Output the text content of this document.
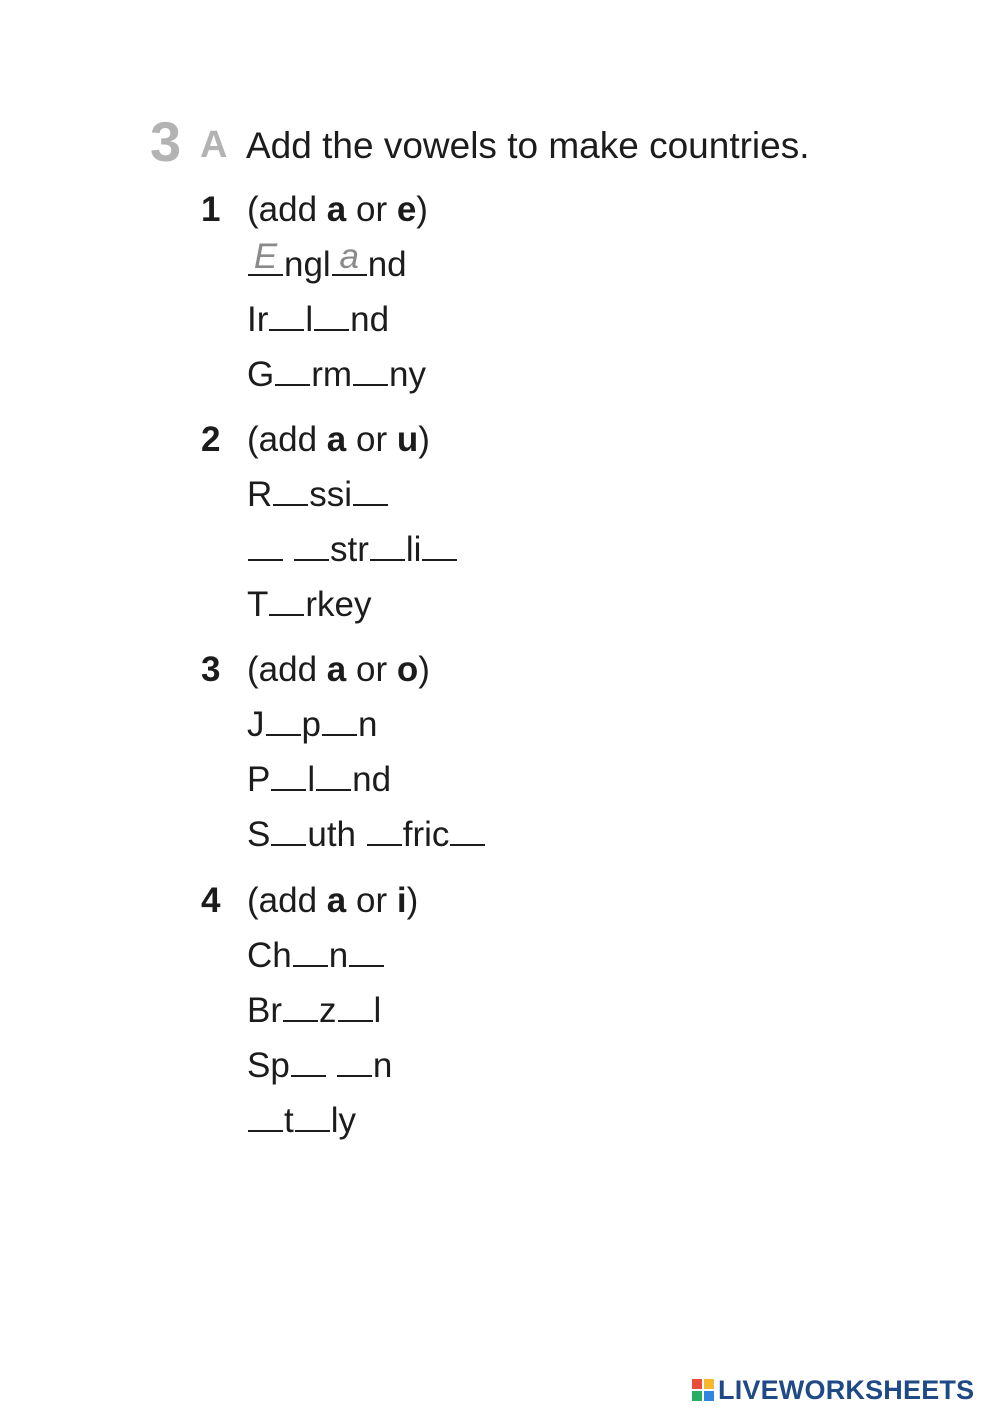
3 A Add the vowels to make countries.
1 (add a or e)
E ngl a nd
Ir l nd
G rm ny
2 (add a or u)
R ssi
str li
T rkey
3 (add a or o)
J p n
P l nd
S uth fric
4 (add a or i)
Ch n
Br z l
Sp n
t ly
LIVEWORKSHEETS
